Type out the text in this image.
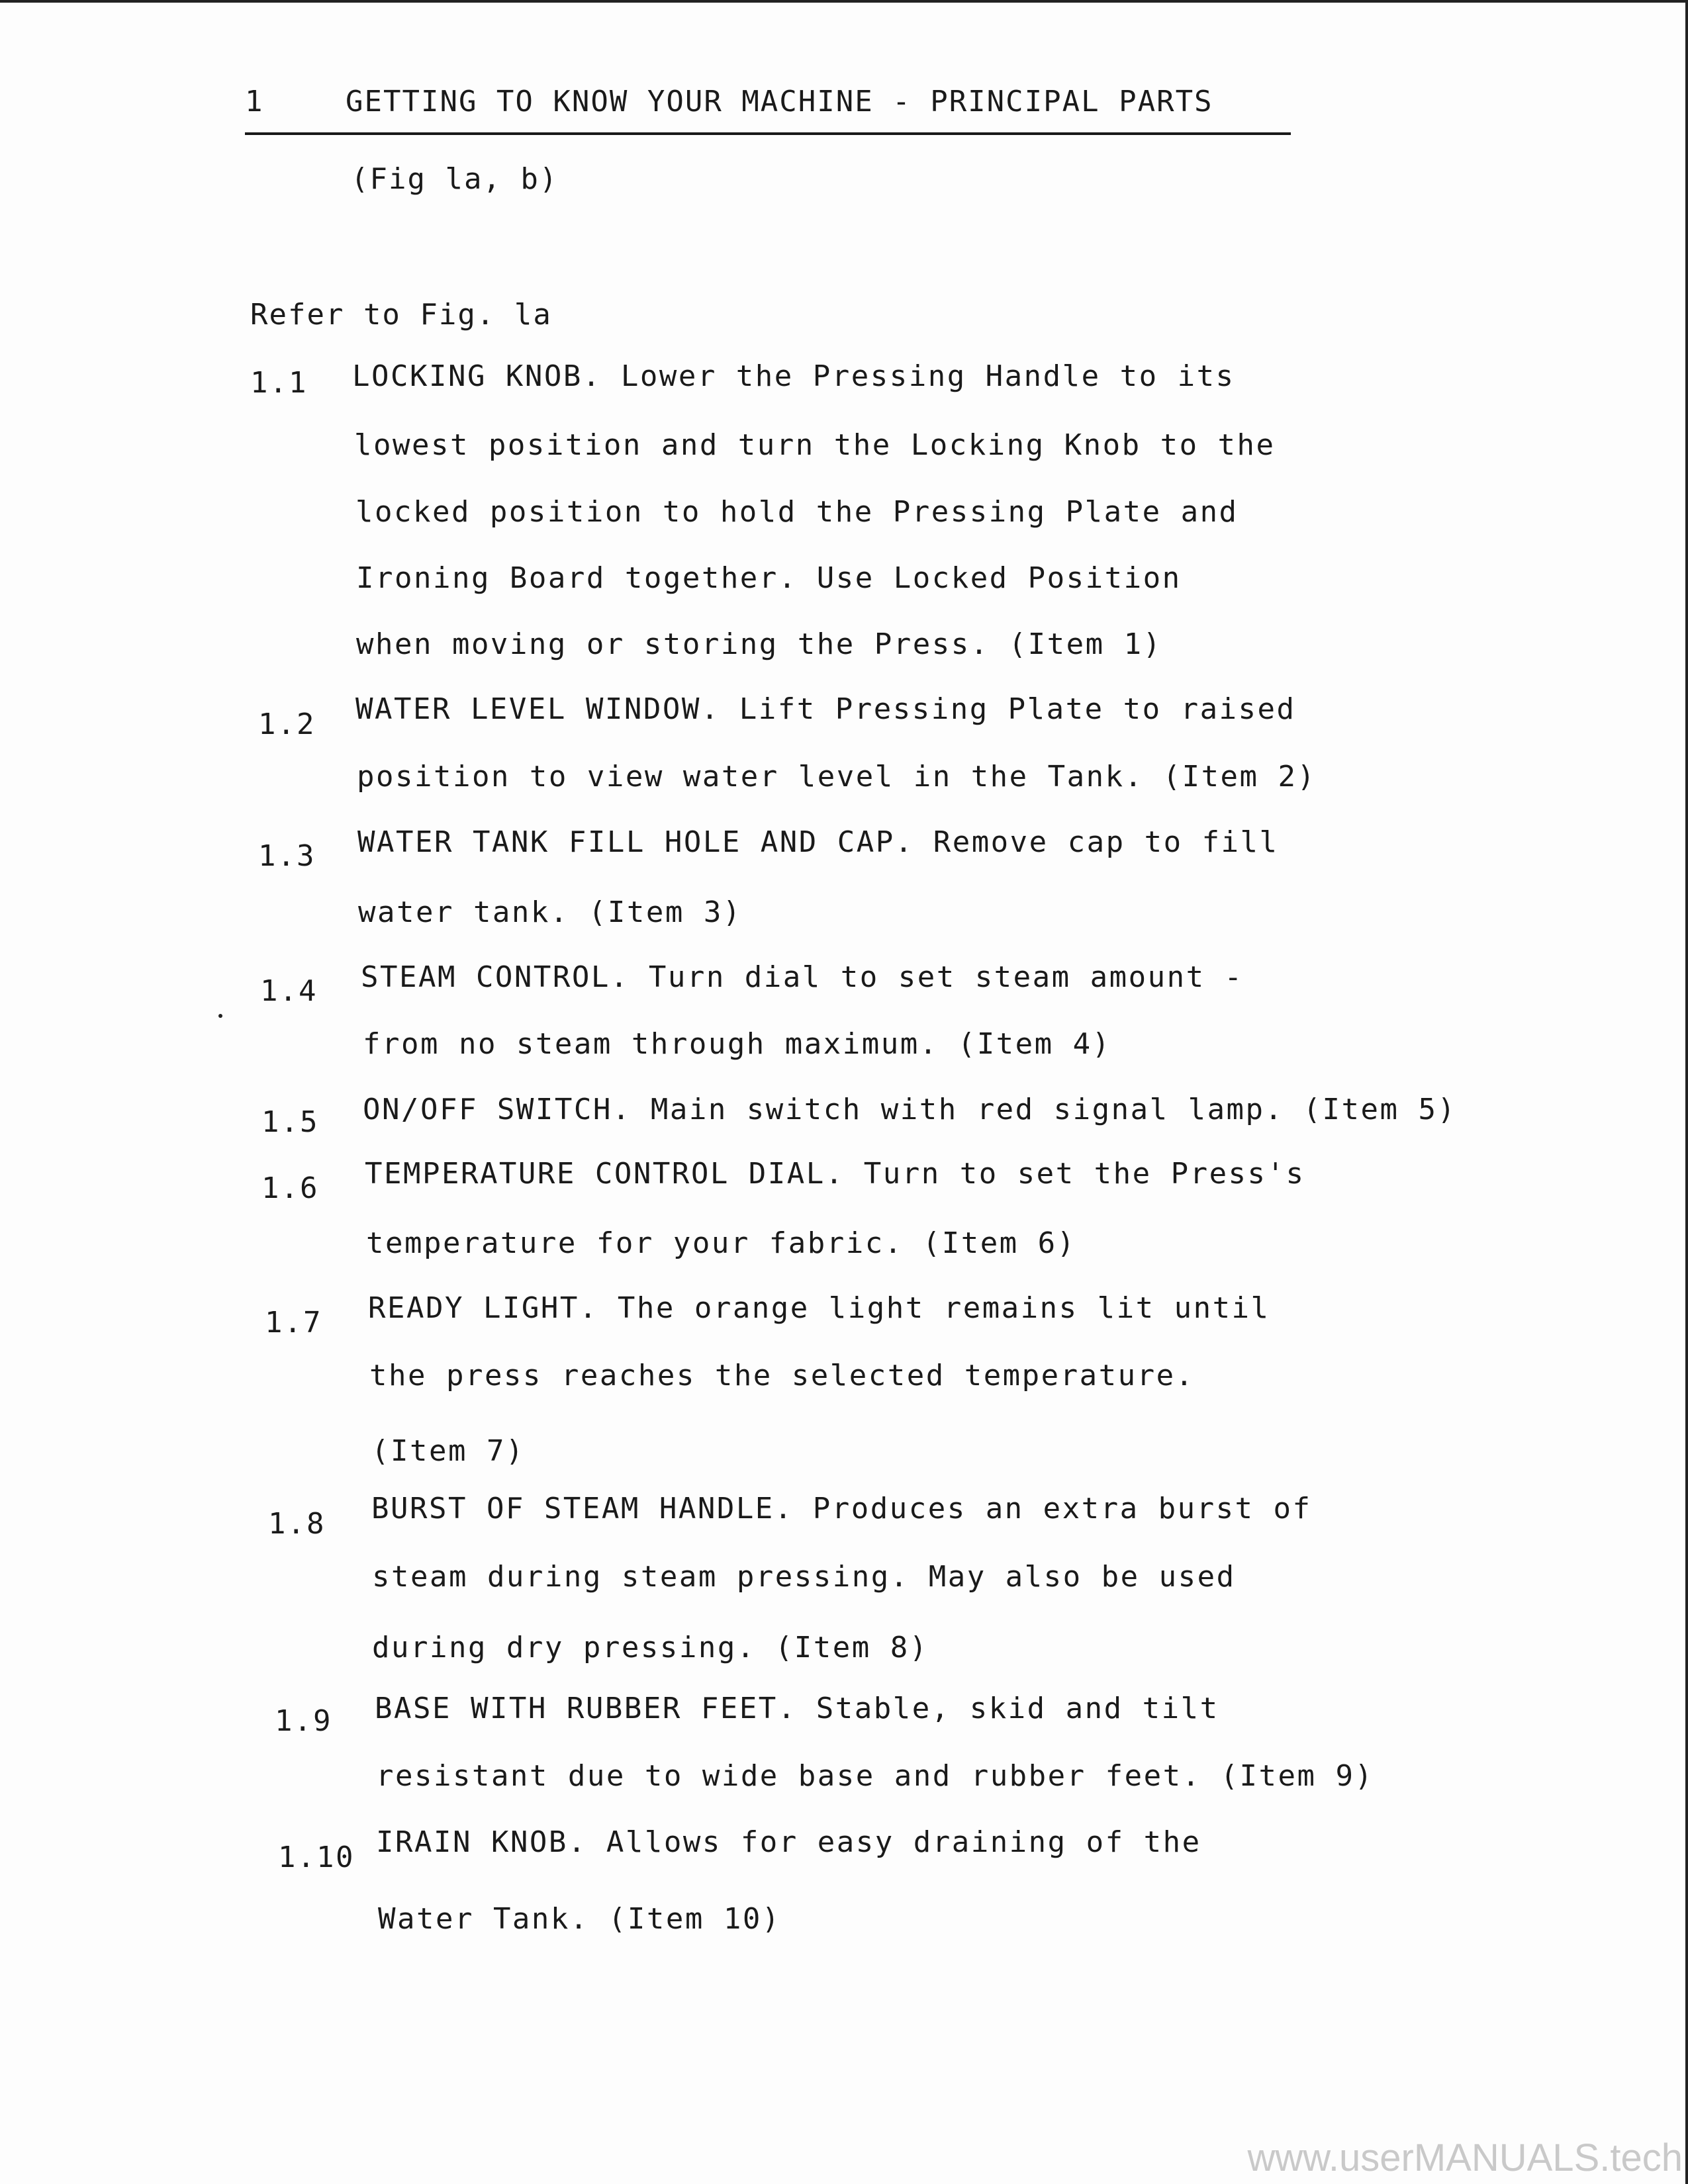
1	GETTING TO KNOW YOUR MACHINE - PRINCIPAL PARTS
(Fig la, b)
Refer to Fig. la
1.1 LOCKING KNOB. Lower the Pressing Handle to its
lowest position and turn the Locking Knob to the
locked position to hold the Pressing Plate and
Ironing Board together. Use Locked Position
when moving or storing the Press. (Item 1)
1.2 WATER LEVEL WINDOW. Lift Pressing Plate to raised
position to view water level in the Tank. (Item 2)
1.3 WATER TANK FILL HOLE AND CAP. Remove cap to fill
water tank. (Item 3)
1.4 STEAM CONTROL. Turn dial to set steam amount -
from no steam through maximum. (Item 4)
1.5 ON/OFF SWITCH. Main switch with red signal lamp. (Item 5)
1.6 TEMPERATURE CONTROL DIAL. Turn to set the Press's
temperature for your fabric. (Item 6)
1.7 READY LIGHT. The orange light remains lit until
the press reaches the selected temperature.
(Item 7)
1.8 BURST OF STEAM HANDLE. Produces an extra burst of
steam during steam pressing. May also be used
during dry pressing. (Item 8)
1.9 BASE WITH RUBBER FEET. Stable, skid and tilt
resistant due to wide base and rubber feet. (Item 9)
1.10 IRAIN KNOB. Allows for easy draining of the
Water Tank. (Item 10)
www.userMANUALS.tech
